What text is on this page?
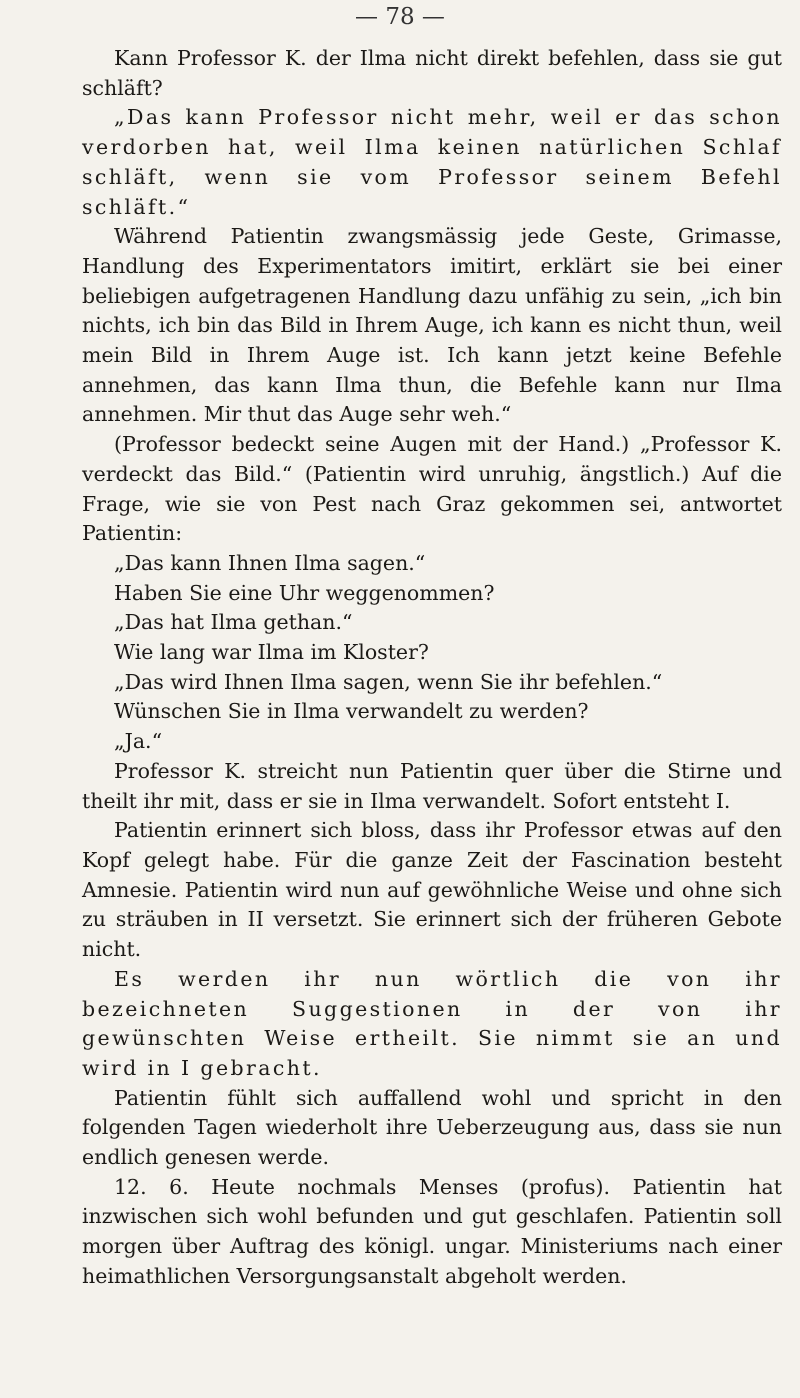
— 78 —

Kann Professor K. der Ilma nicht direkt befehlen, dass sie gut schläft?

„Das kann Professor nicht mehr, weil er das schon verdorben hat, weil Ilma keinen natürlichen Schlaf schläft, wenn sie vom Professor seinem Befehl schläft.“

Während Patientin zwangsmässig jede Geste, Grimasse, Handlung des Experimentators imitirt, erklärt sie bei einer beliebigen aufgetragenen Handlung dazu unfähig zu sein, „ich bin nichts, ich bin das Bild in Ihrem Auge, ich kann es nicht thun, weil mein Bild in Ihrem Auge ist. Ich kann jetzt keine Befehle annehmen, das kann Ilma thun, die Befehle kann nur Ilma annehmen. Mir thut das Auge sehr weh.“

(Professor bedeckt seine Augen mit der Hand.) „Professor K. verdeckt das Bild.“ (Patientin wird unruhig, ängstlich.) Auf die Frage, wie sie von Pest nach Graz gekommen sei, antwortet Patientin:

„Das kann Ihnen Ilma sagen.“

Haben Sie eine Uhr weggenommen?

„Das hat Ilma gethan.“

Wie lang war Ilma im Kloster?

„Das wird Ihnen Ilma sagen, wenn Sie ihr befehlen.“

Wünschen Sie in Ilma verwandelt zu werden?

„Ja.“

Professor K. streicht nun Patientin quer über die Stirne und theilt ihr mit, dass er sie in Ilma verwandelt. Sofort entsteht I.

Patientin erinnert sich bloss, dass ihr Professor etwas auf den Kopf gelegt habe. Für die ganze Zeit der Fascination besteht Amnesie. Patientin wird nun auf gewöhnliche Weise und ohne sich zu sträuben in II versetzt. Sie erinnert sich der früheren Gebote nicht.

Es werden ihr nun wörtlich die von ihr bezeichneten Suggestionen in der von ihr gewünschten Weise ertheilt. Sie nimmt sie an und wird in I gebracht.

Patientin fühlt sich auffallend wohl und spricht in den folgenden Tagen wiederholt ihre Ueberzeugung aus, dass sie nun endlich genesen werde.

12. 6. Heute nochmals Menses (profus). Patientin hat inzwischen sich wohl befunden und gut geschlafen. Patientin soll morgen über Auftrag des königl. ungar. Ministeriums nach einer heimathlichen Versorgungsanstalt abgeholt werden.
